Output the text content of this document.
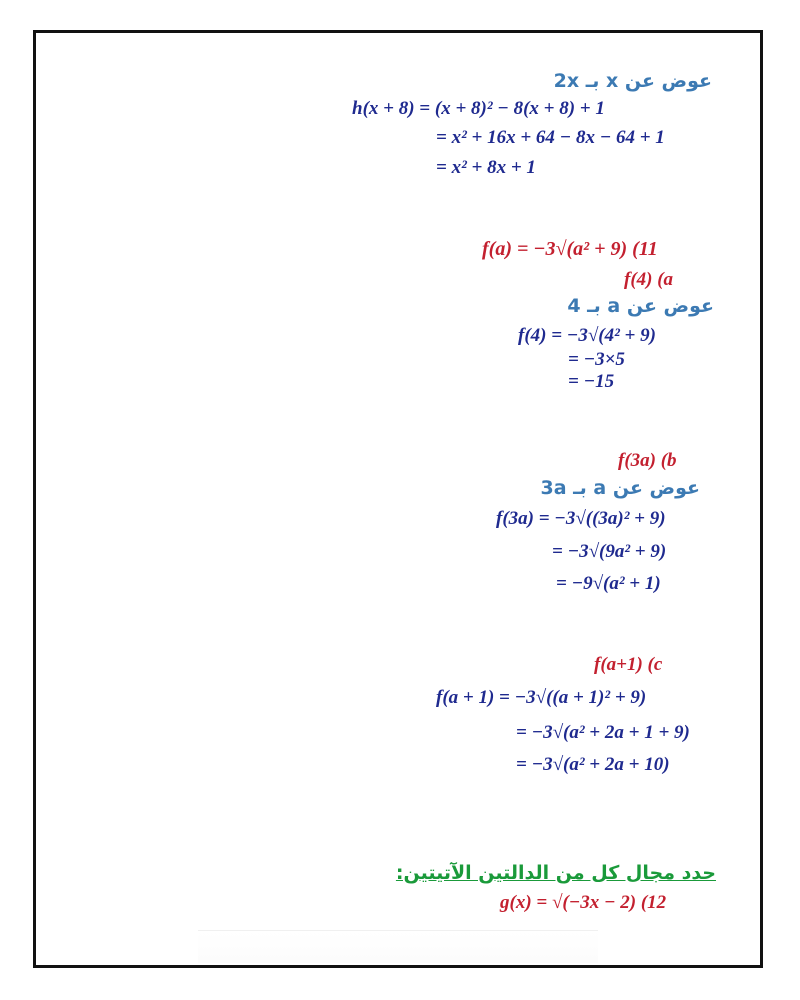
عوض عن x بـ 2x
h(x + 8) = (x + 8)² − 8(x + 8) + 1
= x² + 16x + 64 − 8x − 64 + 1
= x² + 8x + 1
f(a) = −3√(a² + 9) (11
f(4) (a
عوض عن a بـ 4
f(4) = −3√(4² + 9)
= −3×5
= −15
f(3a) (b
عوض عن a بـ 3a
f(3a) = −3√((3a)² + 9)
= −3√(9a² + 9)
= −9√(a² + 1)
f(a+1) (c
f(a + 1) = −3√((a + 1)² + 9)
= −3√(a² + 2a + 1 + 9)
= −3√(a² + 2a + 10)
حدد مجال كل من الدالتين الآتيتين:
g(x) = √(−3x − 2) (12
